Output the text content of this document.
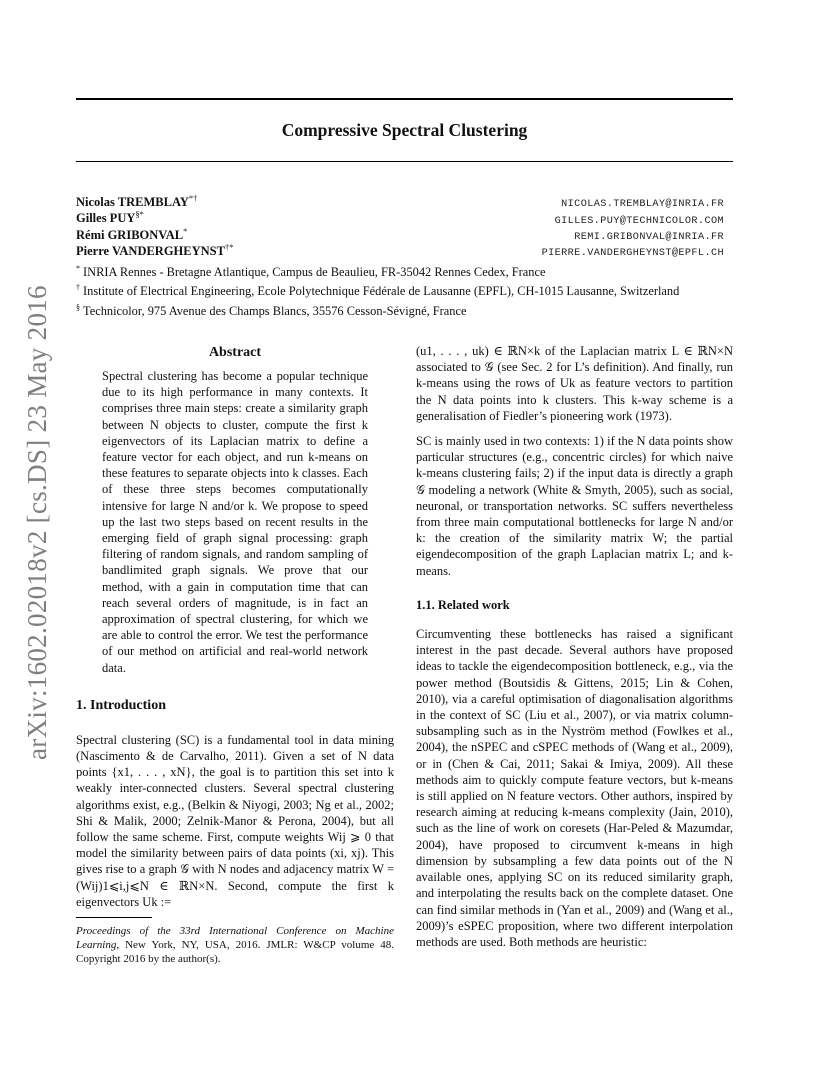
Compressive Spectral Clustering
Nicolas TREMBLAY*†
NICOLAS.TREMBLAY@INRIA.FR
Gilles PUY§*
GILLES.PUY@TECHNICOLOR.COM
Rémi GRIBONVAL*
REMI.GRIBONVAL@INRIA.FR
Pierre VANDERGHEYNST†*
PIERRE.VANDERGHEYNST@EPFL.CH
* INRIA Rennes - Bretagne Atlantique, Campus de Beaulieu, FR-35042 Rennes Cedex, France
† Institute of Electrical Engineering, Ecole Polytechnique Fédérale de Lausanne (EPFL), CH-1015 Lausanne, Switzerland
§ Technicolor, 975 Avenue des Champs Blancs, 35576 Cesson-Sévigné, France
arXiv:1602.02018v2 [cs.DS] 23 May 2016	Abstract

Spectral clustering has become a popular technique due to its high performance in many contexts. It comprises three main steps: create a similarity graph between N objects to cluster, compute the first k eigenvectors of its Laplacian matrix to define a feature vector for each object, and run k-means on these features to separate objects into k classes. Each of these three steps becomes computationally intensive for large N and/or k. We propose to speed up the last two steps based on recent results in the emerging field of graph signal processing: graph filtering of random signals, and random sampling of bandlimited graph signals. We prove that our method, with a gain in computation time that can reach several orders of magnitude, is in fact an approximation of spectral clustering, for which we are able to control the error. We test the performance of our method on artificial and real-world network data.

1. Introduction

Spectral clustering (SC) is a fundamental tool in data mining (Nascimento & de Carvalho, 2011). Given a set of N data points {x1, . . . , xN}, the goal is to partition this set into k weakly inter-connected clusters. Several spectral clustering algorithms exist, e.g., (Belkin & Niyogi, 2003; Ng et al., 2002; Shi & Malik, 2000; Zelnik-Manor & Perona, 2004), but all follow the same scheme. First, compute weights Wij ⩾ 0 that model the similarity between pairs of data points (xi, xj). This gives rise to a graph 𝒢 with N nodes and adjacency matrix W = (Wij)1⩽i,j⩽N ∈ ℝN×N. Second, compute the first k eigenvectors Uk :=

Proceedings of the 33rd International Conference on Machine Learning, New York, NY, USA, 2016. JMLR: W&CP volume 48. Copyright 2016 by the author(s).

(u1, . . . , uk) ∈ ℝN×k of the Laplacian matrix L ∈ ℝN×N associated to 𝒢 (see Sec. 2 for L’s definition). And finally, run k-means using the rows of Uk as feature vectors to partition the N data points into k clusters. This k-way scheme is a generalisation of Fiedler’s pioneering work (1973).

SC is mainly used in two contexts: 1) if the N data points show particular structures (e.g., concentric circles) for which naive k-means clustering fails; 2) if the input data is directly a graph 𝒢 modeling a network (White & Smyth, 2005), such as social, neuronal, or transportation networks. SC suffers nevertheless from three main computational bottlenecks for large N and/or k: the creation of the similarity matrix W; the partial eigendecomposition of the graph Laplacian matrix L; and k-means.

1.1. Related work

Circumventing these bottlenecks has raised a significant interest in the past decade. Several authors have proposed ideas to tackle the eigendecomposition bottleneck, e.g., via the power method (Boutsidis & Gittens, 2015; Lin & Cohen, 2010), via a careful optimisation of diagonalisation algorithms in the context of SC (Liu et al., 2007), or via matrix column-subsampling such as in the Nyström method (Fowlkes et al., 2004), the nSPEC and cSPEC methods of (Wang et al., 2009), or in (Chen & Cai, 2011; Sakai & Imiya, 2009). All these methods aim to quickly compute feature vectors, but k-means is still applied on N feature vectors. Other authors, inspired by research aiming at reducing k-means complexity (Jain, 2010), such as the line of work on coresets (Har-Peled & Mazumdar, 2004), have proposed to circumvent k-means in high dimension by subsampling a few data points out of the N available ones, applying SC on its reduced similarity graph, and interpolating the results back on the complete dataset. One can find similar methods in (Yan et al., 2009) and (Wang et al., 2009)’s eSPEC proposition, where two different interpolation methods are used. Both methods are heuristic:
